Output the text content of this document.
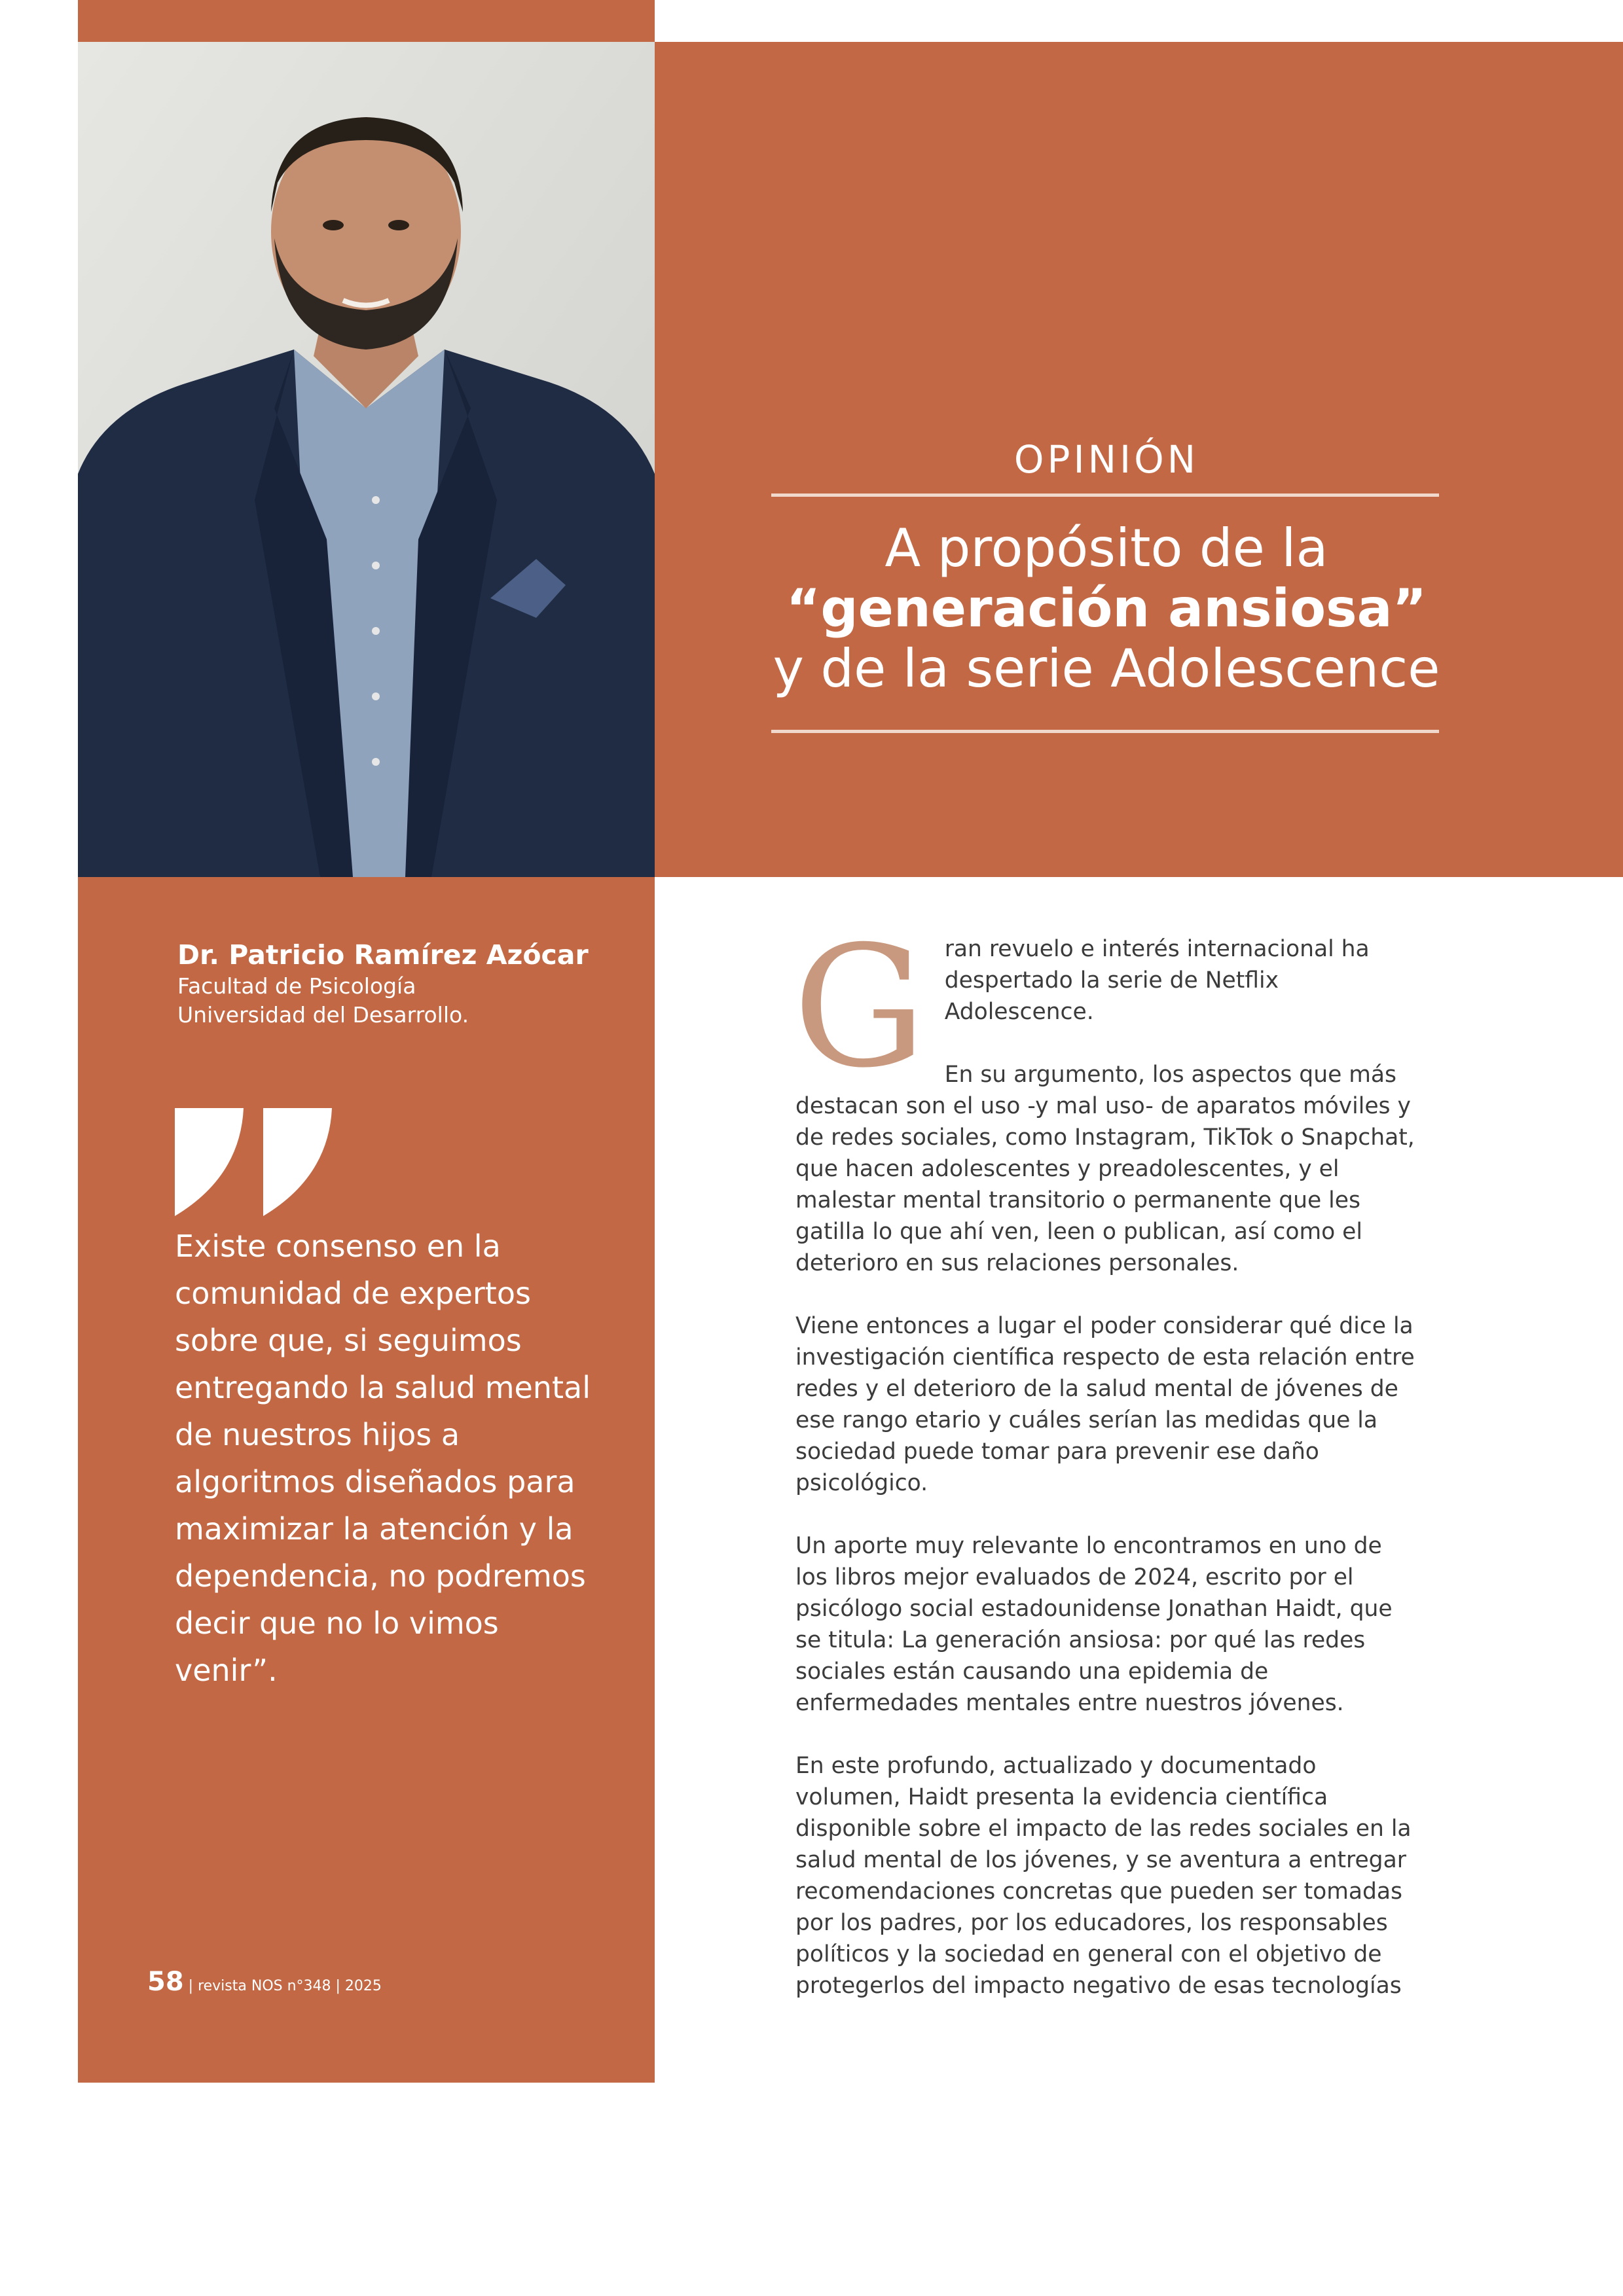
OPINIÓN
A propósito de la
“generación ansiosa”
y de la serie Adolescence
Dr. Patricio Ramírez Azócar
Facultad de Psicología
Universidad del Desarrollo.
Existe consenso en la comunidad de expertos sobre que, si seguimos entregando la salud mental de nuestros hijos a algoritmos diseñados para maximizar la atención y la dependencia, no podremos decir que no lo vimos venir”.
58 | revista NOS n°348 | 2025

Gran revuelo e interés internacional ha despertado la serie de Netflix Adolescence.

En su argumento, los aspectos que más destacan son el uso -y mal uso- de aparatos móviles y de redes sociales, como Instagram, TikTok o Snapchat, que hacen adolescentes y preadolescentes, y el malestar mental transitorio o permanente que les gatilla lo que ahí ven, leen o publican, así como el deterioro en sus relaciones personales.

Viene entonces a lugar el poder considerar qué dice la investigación científica respecto de esta relación entre redes y el deterioro de la salud mental de jóvenes de ese rango etario y cuáles serían las medidas que la sociedad puede tomar para prevenir ese daño psicológico.

Un aporte muy relevante lo encontramos en uno de los libros mejor evaluados de 2024, escrito por el psicólogo social estadounidense Jonathan Haidt, que se titula: La generación ansiosa: por qué las redes sociales están causando una epidemia de enfermedades mentales entre nuestros jóvenes.

En este profundo, actualizado y documentado volumen, Haidt presenta la evidencia científica disponible sobre el impacto de las redes sociales en la salud mental de los jóvenes, y se aventura a entregar recomendaciones concretas que pueden ser tomadas por los padres, por los educadores, los responsables políticos y la sociedad en general con el objetivo de protegerlos del impacto negativo de esas tecnologías
